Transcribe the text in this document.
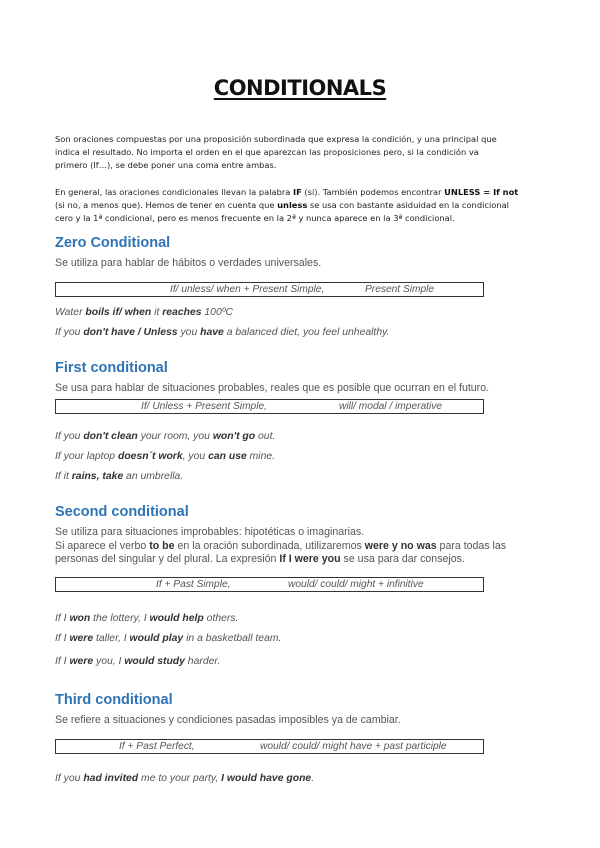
CONDITIONALS
Son oraciones compuestas por una proposición subordinada que expresa la condición, y una principal que
indica el resultado. No importa el orden en el que aparezcan las proposiciones pero, si la condición va
primero (If…), se debe poner una coma entre ambas.
En general, las oraciones condicionales llevan la palabra IF (si). También podemos encontrar UNLESS = If not
(si no, a menos que). Hemos de tener en cuenta que unless se usa con bastante asiduidad en la condicional
cero y la 1ª condicional, pero es menos frecuente en la 2ª y nunca aparece en la 3ª condicional.
Zero Conditional
Se utiliza para hablar de hábitos o verdades universales.
If/ unless/ when + Present Simple,	Present Simple
Water boils if/ when it reaches 100ºC
If you don't have / Unless you have a balanced diet, you feel unhealthy.
First conditional
Se usa para hablar de situaciones probables, reales que es posible que ocurran en el futuro.
If/ Unless + Present Simple,	will/ modal / imperative
If you don't clean your room, you won't go out.
If your laptop doesn´t work, you can use mine.
If it rains, take an umbrella.
Second conditional
Se utiliza para situaciones improbables: hipotéticas o imaginarias.
Si aparece el verbo to be en la oración subordinada, utilizaremos were y no was para todas las
personas del singular y del plural. La expresión If I were you se usa para dar consejos.
If + Past Simple,	would/ could/ might + infinitive
If I won the lottery, I would help others.
If I were taller, I would play in a basketball team.
If I were you, I would study harder.
Third conditional
Se refiere a situaciones y condiciones pasadas imposibles ya de cambiar.
If + Past Perfect,	would/ could/ might have + past participle
If you had invited me to your party, I would have gone.
